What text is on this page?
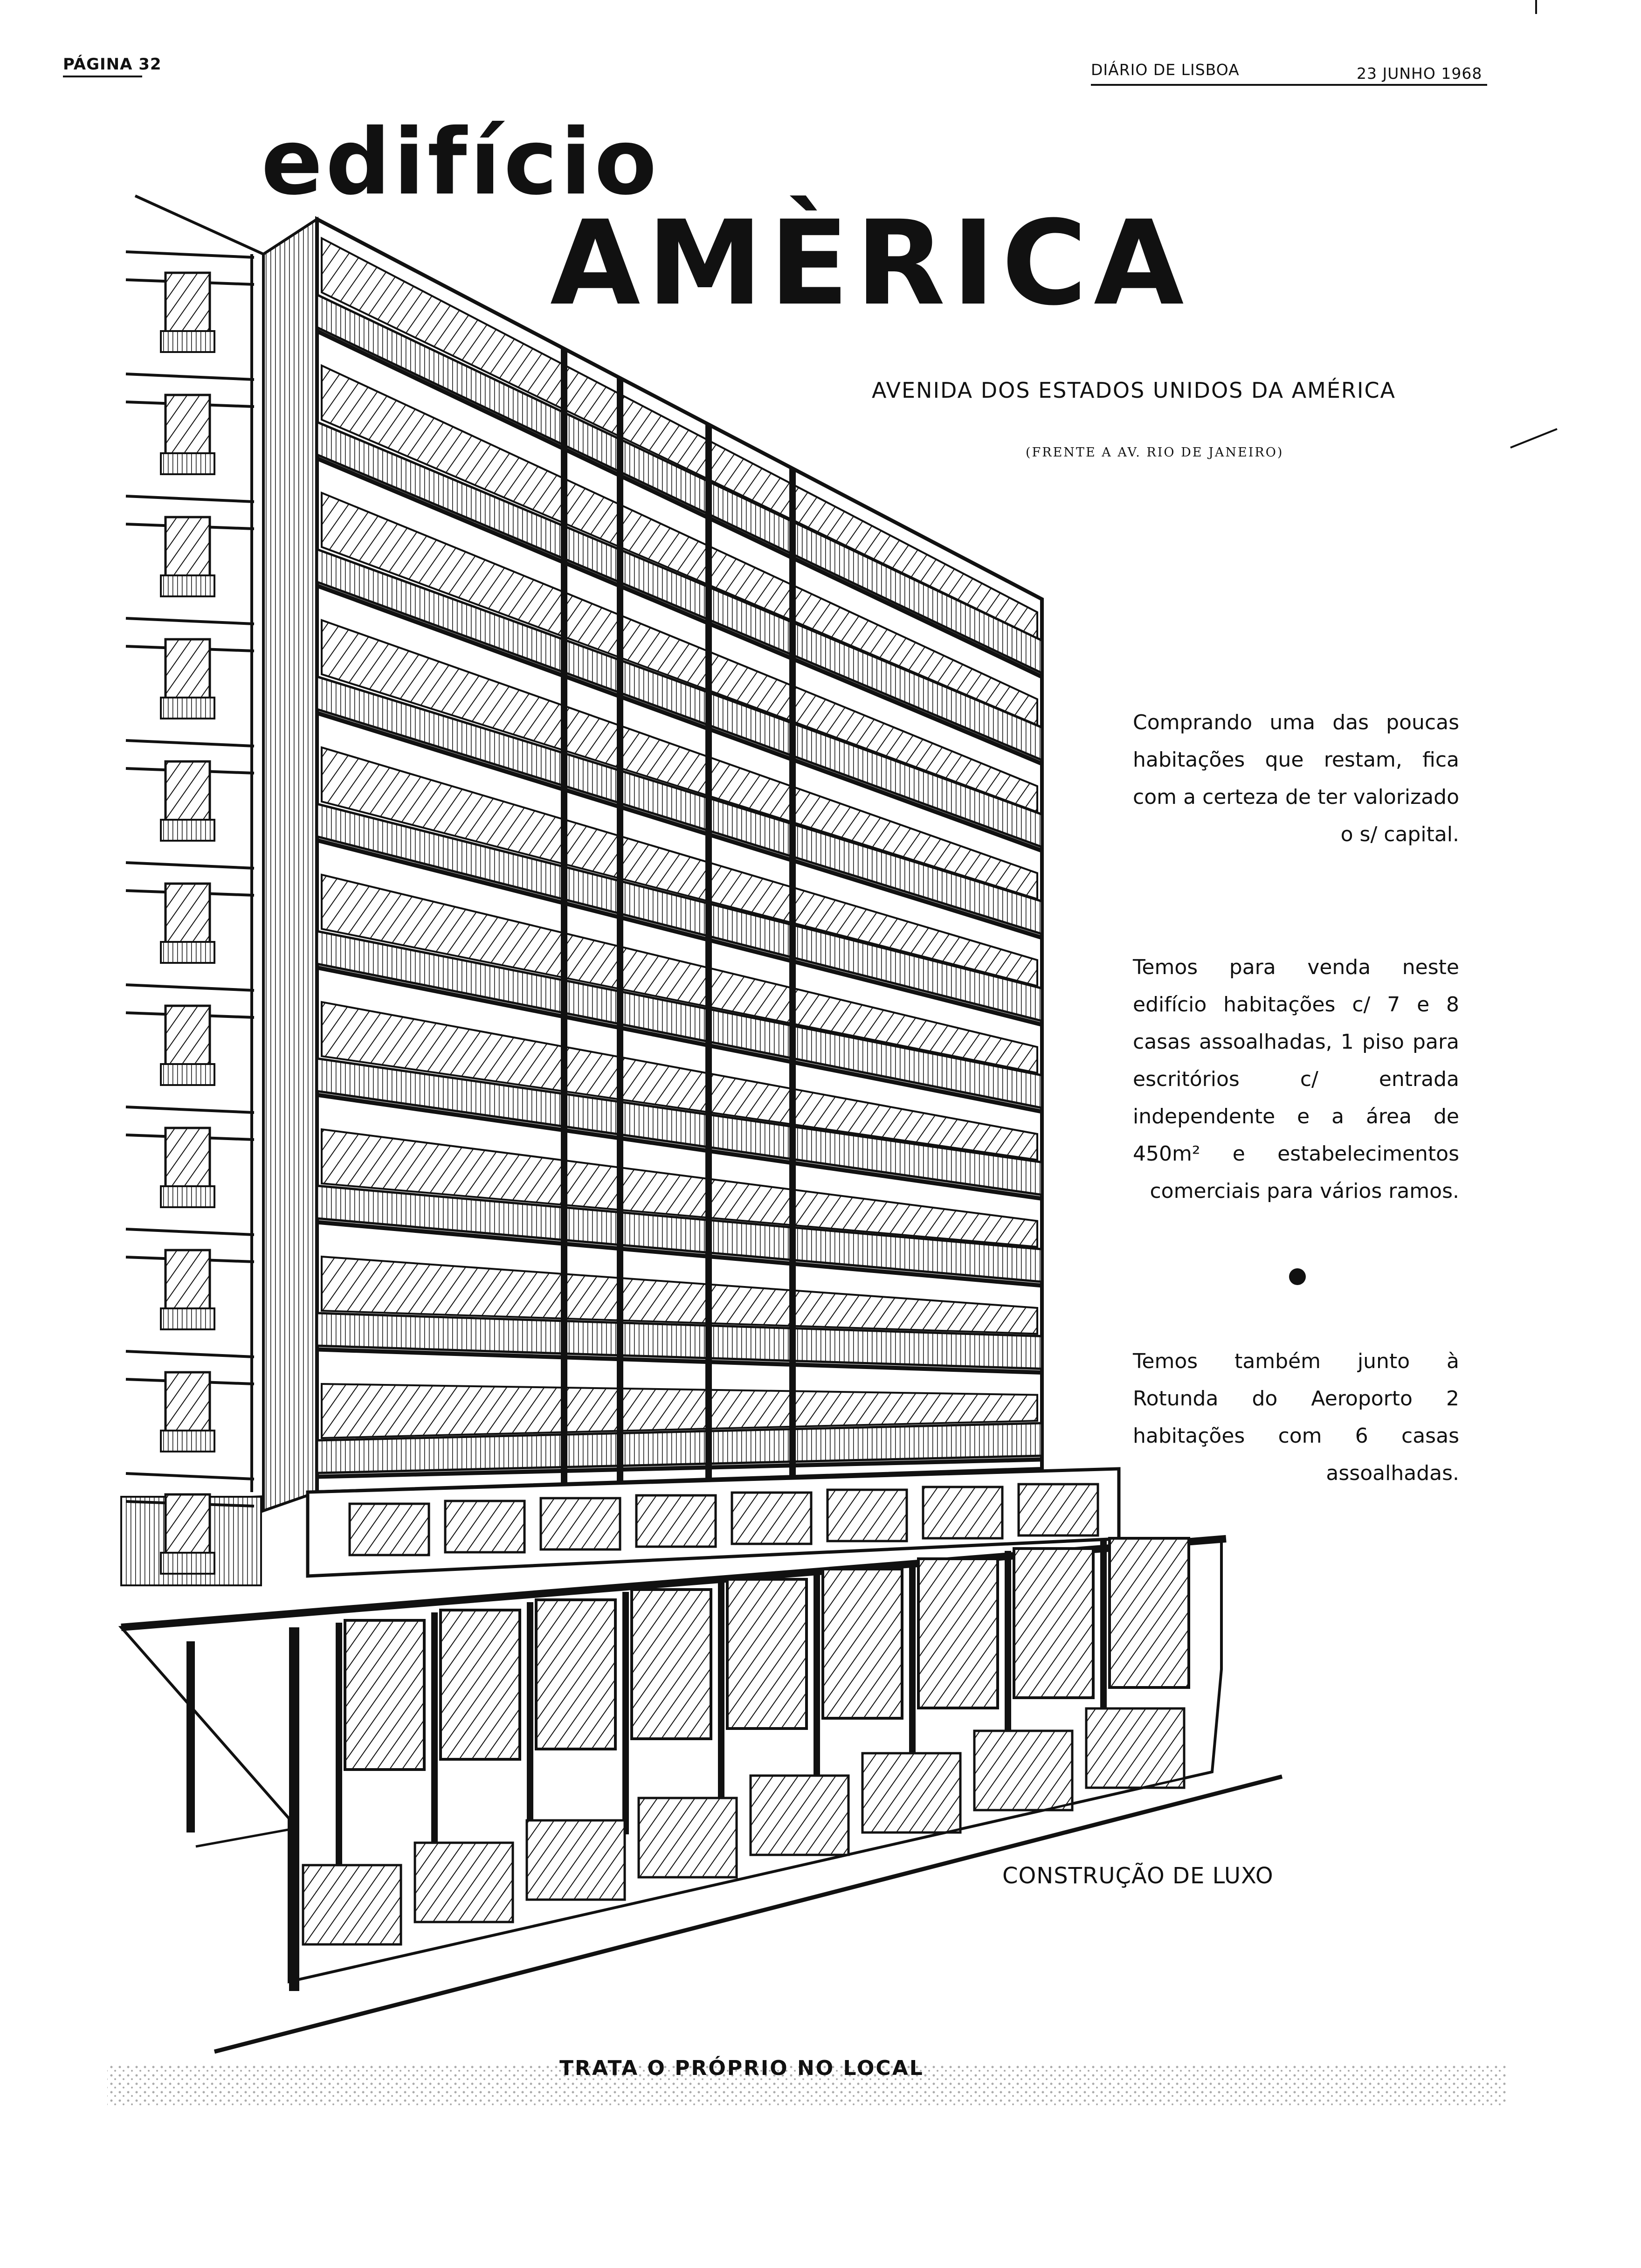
PÁGINA 32	DIÁRIO DE LISBOA	23 JUNHO 1968
edifício
AMÈRICA
AVENIDA DOS ESTADOS UNIDOS DA AMÉRICA
(FRENTE A AV. RIO DE JANEIRO)
Comprando uma das poucas habitações que restam, fica com a certeza de ter valorizado o s/ capital.
Temos para venda neste edifício habitações c/ 7 e 8 casas assoalhadas, 1 piso para escritórios c/ entrada independente e a área de 450m² e estabelecimentos comerciais para vários ramos.
Temos também junto à Rotunda do Aeroporto 2 habitações com 6 casas assoalhadas.
CONSTRUÇÃO DE LUXO
TRATA O PRÓPRIO NO LOCAL
